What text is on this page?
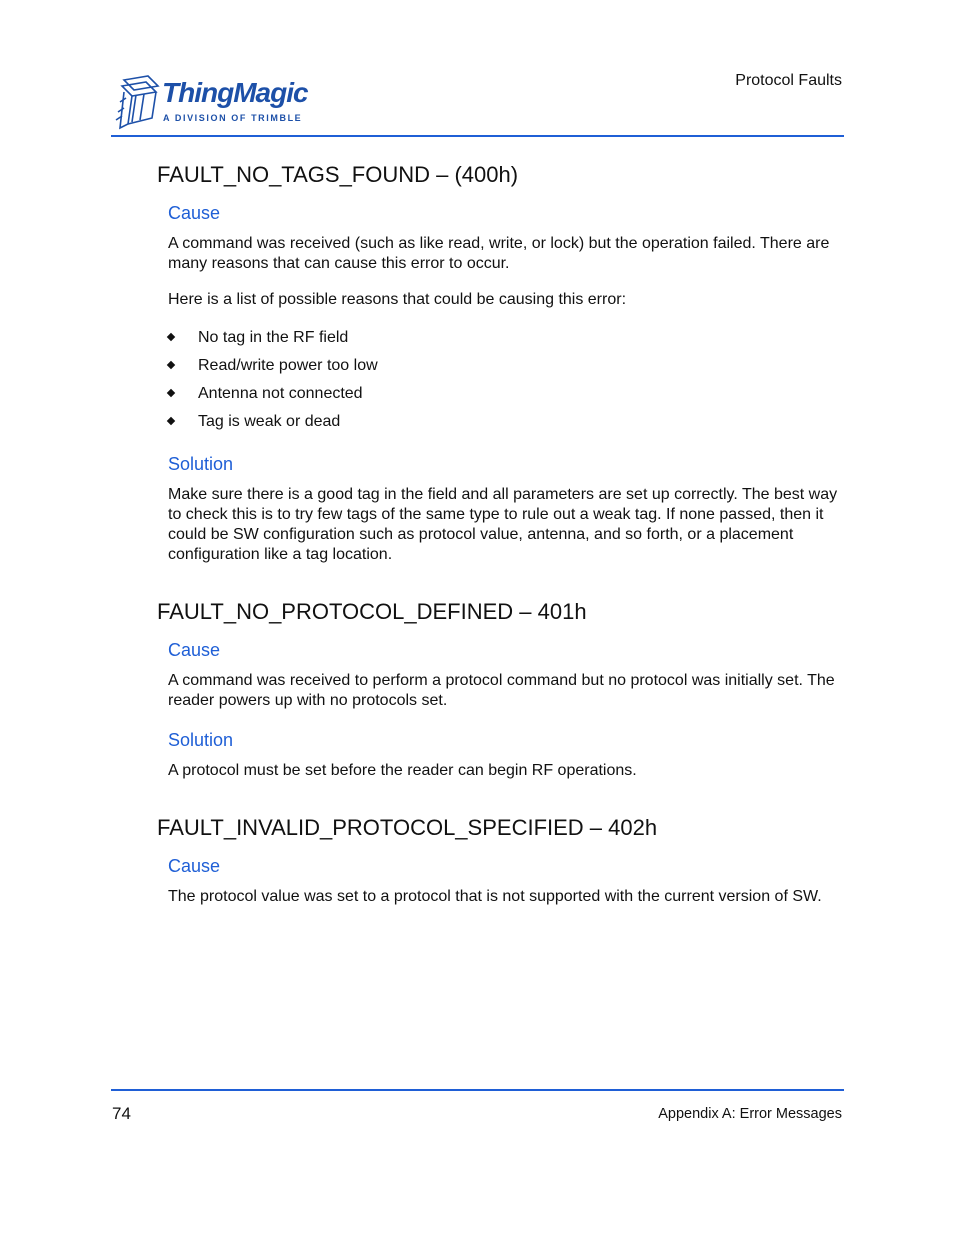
ThingMagic
A DIVISION OF TRIMBLE
Protocol Faults
FAULT_NO_TAGS_FOUND – (400h)
Cause

A command was received (such as like read, write, or lock) but the operation failed. There are many reasons that can cause this error to occur.

Here is a list of possible reasons that could be causing this error:

No tag in the RF field
Read/write power too low
Antenna not connected
Tag is weak or dead
Solution

Make sure there is a good tag in the field and all parameters are set up correctly. The best way to check this is to try few tags of the same type to rule out a weak tag. If none passed, then it could be SW configuration such as protocol value, antenna, and so forth, or a placement configuration like a tag location.

FAULT_NO_PROTOCOL_DEFINED – 401h
Cause

A command was received to perform a protocol command but no protocol was initially set. The reader powers up with no protocols set.

Solution

A protocol must be set before the reader can begin RF operations.

FAULT_INVALID_PROTOCOL_SPECIFIED – 402h
Cause

The protocol value was set to a protocol that is not supported with the current version of SW.

74	Appendix A: Error Messages
